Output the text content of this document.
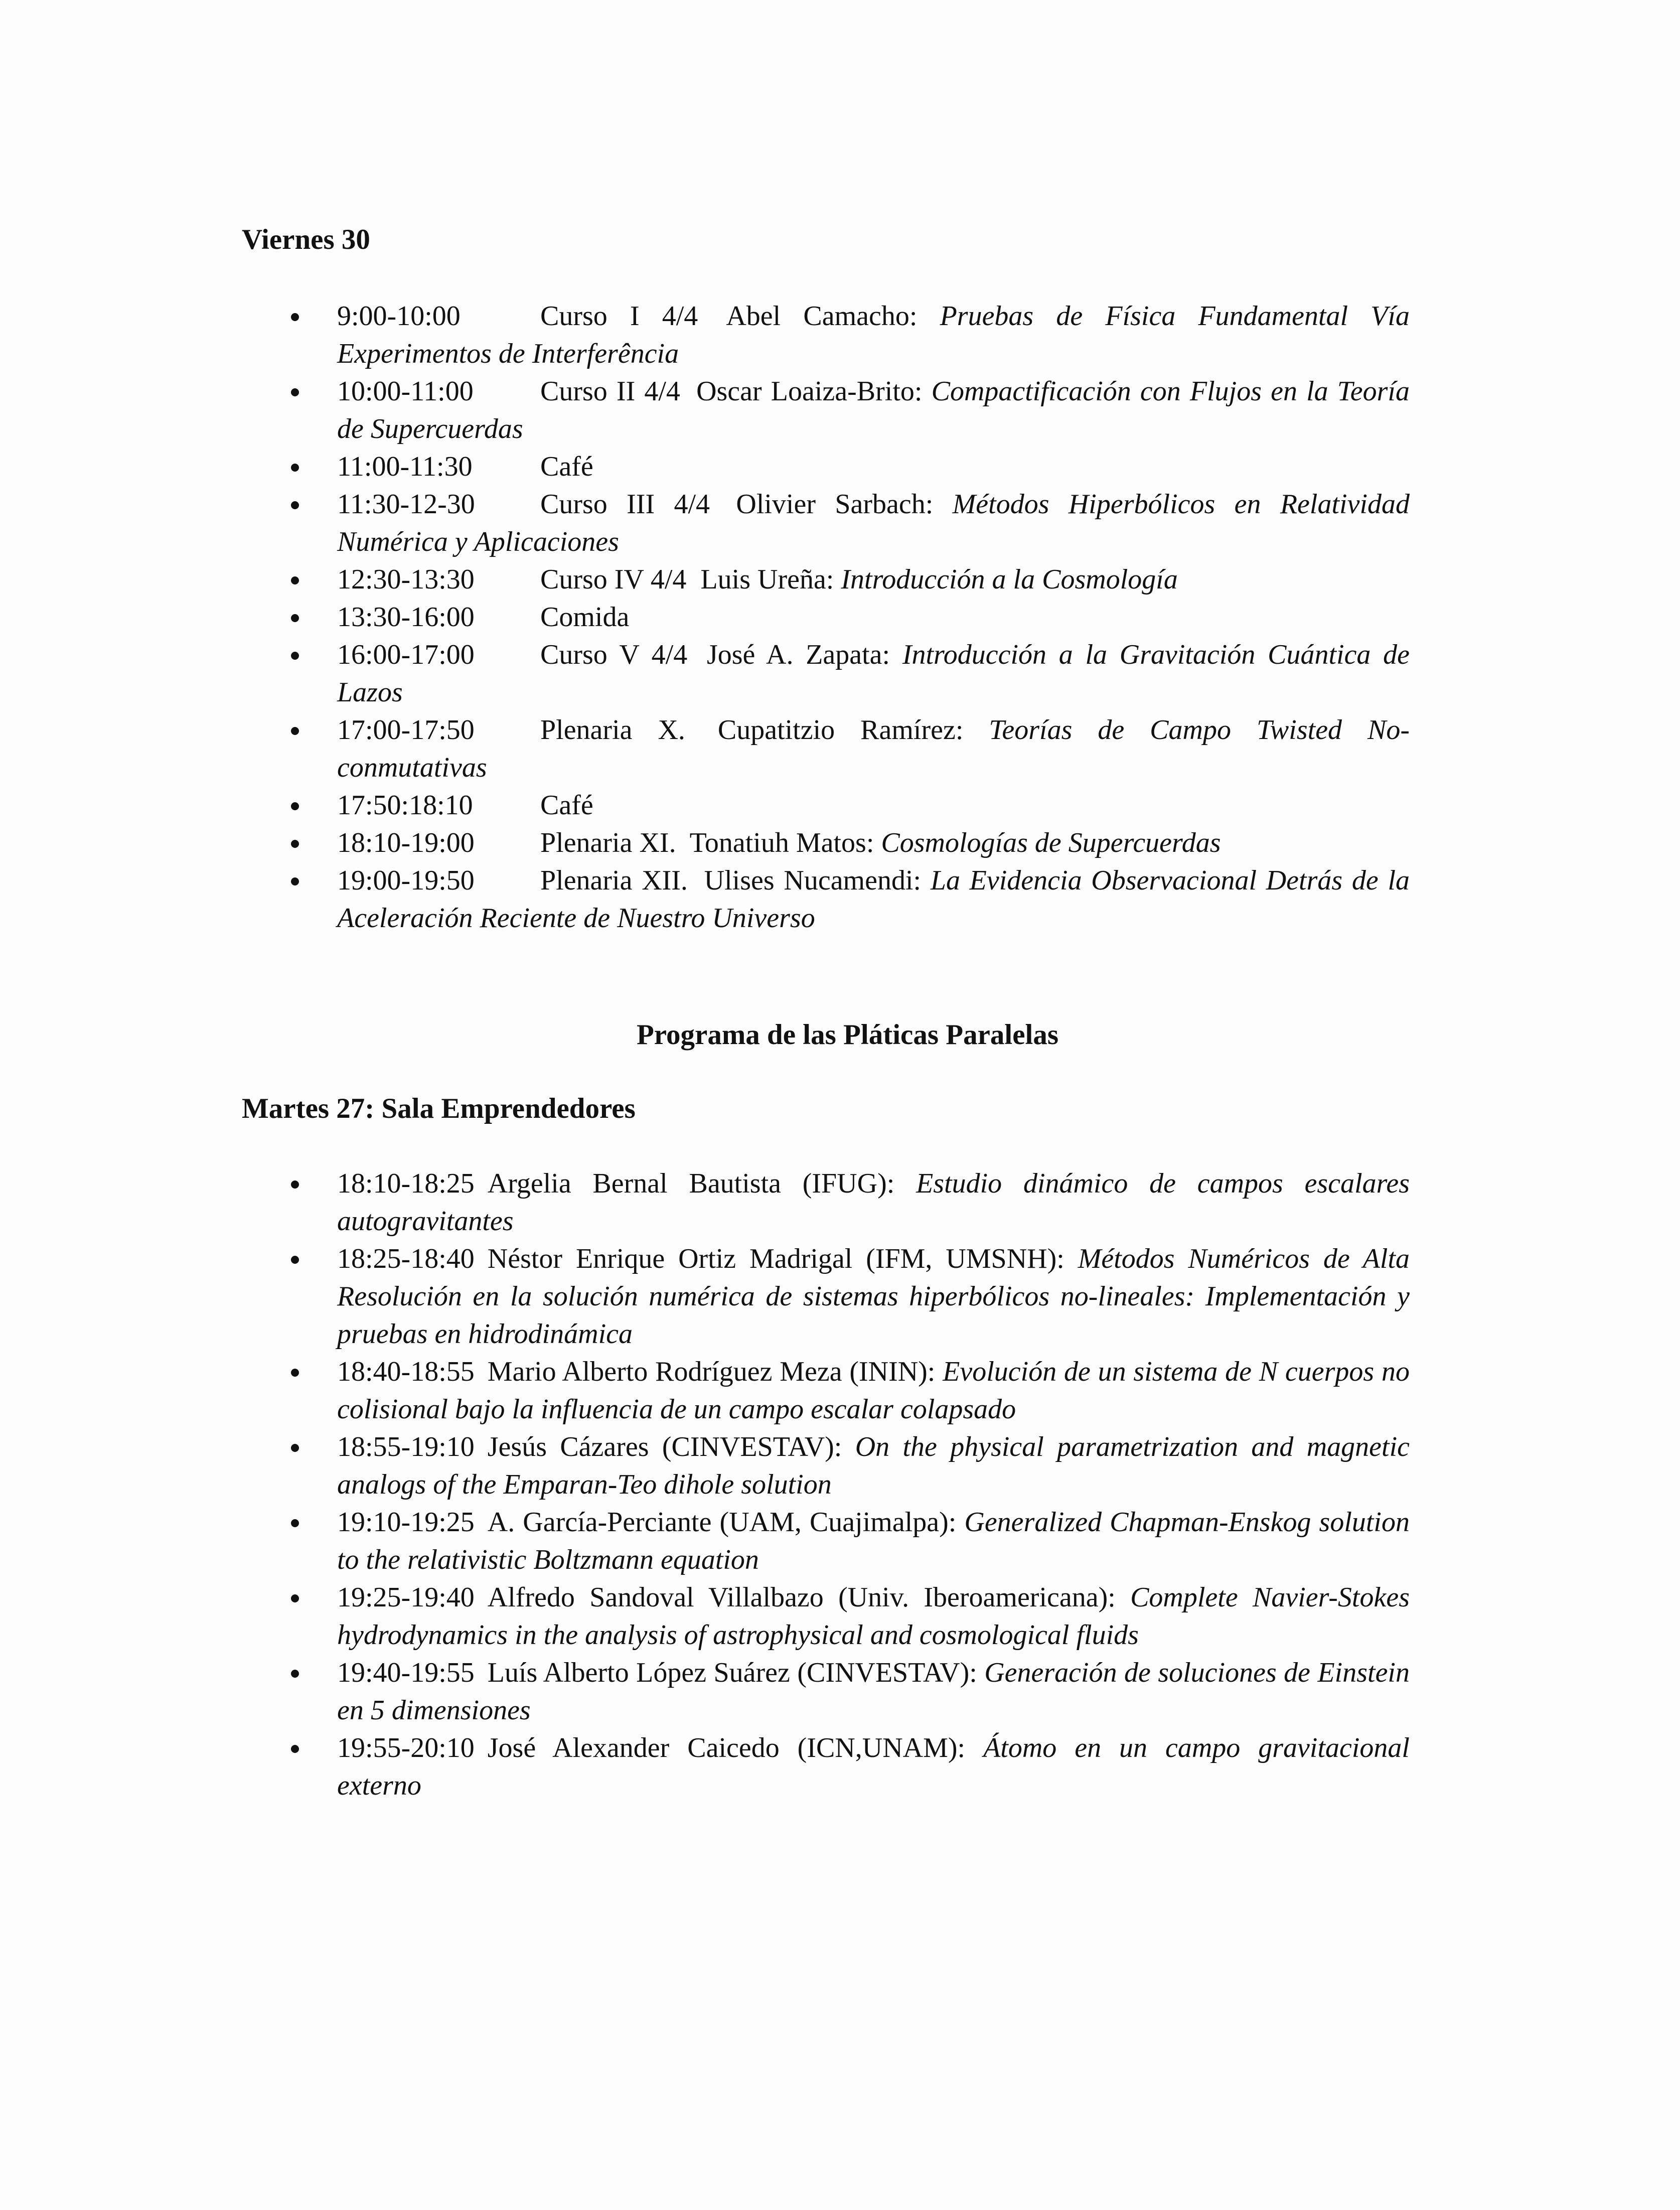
Viernes 30
9:00-10:00	Curso I 4/4 Abel Camacho: Pruebas de Física Fundamental Vía Experimentos de Interferência
10:00-11:00 Curso II 4/4 Oscar Loaiza-Brito: Compactificación con Flujos en la Teoría de Supercuerdas
11:00-11:30 Café
11:30-12-30 Curso III 4/4 Olivier Sarbach: Métodos Hiperbólicos en Relatividad Numérica y Aplicaciones
12:30-13:30 Curso IV 4/4 Luis Ureña: Introducción a la Cosmología
13:30-16:00 Comida
16:00-17:00 Curso V 4/4 José A. Zapata: Introducción a la Gravitación Cuántica de Lazos
17:00-17:50 Plenaria X. Cupatitzio Ramírez: Teorías de Campo Twisted No-conmutativas
17:50:18:10 Café
18:10-19:00 Plenaria XI. Tonatiuh Matos: Cosmologías de Supercuerdas
19:00-19:50 Plenaria XII. Ulises Nucamendi: La Evidencia Observacional Detrás de la Aceleración Reciente de Nuestro Universo
Programa de las Pláticas Paralelas
Martes 27: Sala Emprendedores
18:10-18:25 Argelia Bernal Bautista (IFUG): Estudio dinámico de campos escalares autogravitantes
18:25-18:40 Néstor Enrique Ortiz Madrigal (IFM, UMSNH): Métodos Numéricos de Alta Resolución en la solución numérica de sistemas hiperbólicos no-lineales: Implementación y pruebas en hidrodinámica
18:40-18:55 Mario Alberto Rodríguez Meza (ININ): Evolución de un sistema de N cuerpos no colisional bajo la influencia de un campo escalar colapsado
18:55-19:10 Jesús Cázares (CINVESTAV): On the physical parametrization and magnetic analogs of the Emparan-Teo dihole solution
19:10-19:25 A. García-Perciante (UAM, Cuajimalpa): Generalized Chapman-Enskog solution to the relativistic Boltzmann equation
19:25-19:40 Alfredo Sandoval Villalbazo (Univ. Iberoamericana): Complete Navier-Stokes hydrodynamics in the analysis of astrophysical and cosmological fluids
19:40-19:55 Luís Alberto López Suárez (CINVESTAV): Generación de soluciones de Einstein en 5 dimensiones
19:55-20:10 José Alexander Caicedo (ICN,UNAM): Átomo en un campo gravitacional externo
